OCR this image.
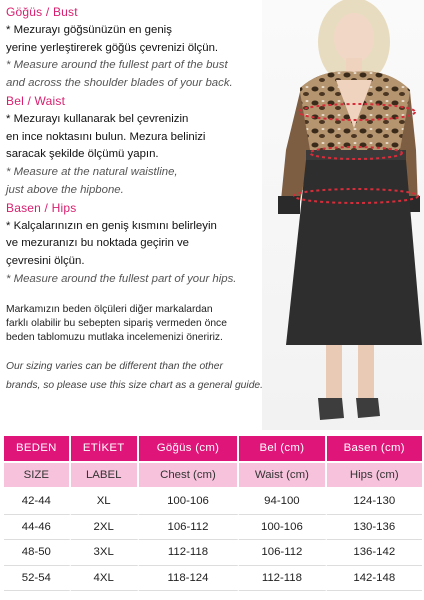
Göğüs / Bust
* Mezurayı göğsünüzün en geniş
yerine yerleştirerek göğüs çevrenizi ölçün.
* Measure around the fullest part of the bust
and across the shoulder blades of your back.
Bel / Waist
* Mezurayı kullanarak bel çevrenizin
en ince noktasını bulun. Mezura belinizi
saracak şekilde ölçümü yapın.
* Measure at the natural waistline,
just above the hipbone.
Basen / Hips
* Kalçalarınızın en geniş kısmını belirleyin
ve mezuranızı bu noktada geçirin ve
çevresini ölçün.
* Measure around the fullest part of your hips.
Markamızın beden ölçüleri diğer markalardan
farklı olabilir bu sebepten sipariş vermeden önce
beden tablomuzu mutlaka incelemenizi öneririz.
Our sizing varies can be different than the other
brands, so please use this size chart as a general guide.
BEDEN	ETİKET	Göğüs (cm)	Bel (cm)	Basen (cm)
SIZE	LABEL	Chest (cm)	Waist (cm)	Hips (cm)
42-44	XL	100-106	94-100	124-130
44-46	2XL	106-112	100-106	130-136
48-50	3XL	112-118	106-112	136-142
52-54	4XL	118-124	112-118	142-148
